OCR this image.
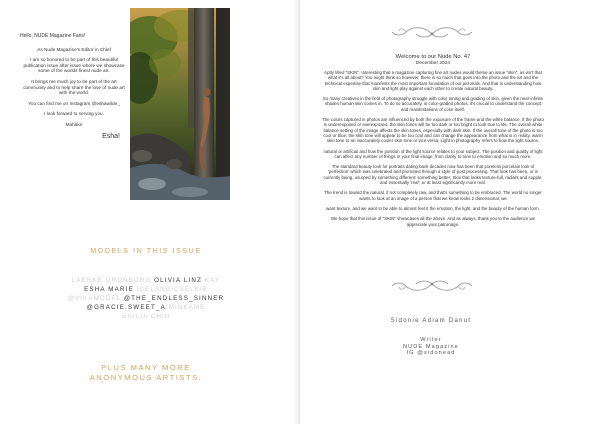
Hello, NUDE Magazine Fans!

As Nude Magazine's Editor in Chief

I am so honored to be part of this beautiful publication issue after issue where we showcase some of the worlds finest nude art.

It brings me much joy to be part of the art community and to help share the love of nude art with the world.

You can find me on Instagram @eshawilde_

I look forward to serving you.

Mahalo!

Esha!

MODELS IN THIS ISSUE
LAERKE GRONBORG OLIVIA LINZ KAY
ESHA MARIE ICELANDICSELKIE
@VIKAMODEL @THE_ENDLESS_SINNER
@GRACIE.SWEET_A MINKAME
GIULIA CHIU
PLUS MANY MORE
ANONYMOUS ARTISTS.
Welcome to our Nude No. 47
December 2024

Aptly titled "SKIN". Interesting that a magazine capturing fine art nudes would theme an issue "skin", as isn't that what it's all about? You might think so however, there is so much that goes into the photo and the art and the technical expertise that manifests the most important foundation of our pictorials. And that is understanding how skin and light play against each other to create natural beauty.

So many creatives in the field of photography struggle with color toning and grading of skin, given the near infinite shades human skin comes in. To do so accurately, in color-graded photos, it's crucial to understand the concept and manifestations of color itself.

The colors captured in photos are influenced by both the exposure of the frame and the white balance. If the photo is underexposed or overexposed, the skin tones will be too dark or too bright to look true to life. The overall white balance setting of the image affects the skin tones, especially with dark skin. If the overall tone of the photo is too cool or blue, the skin tone will appear to be too cool and can change the appearance from what is in reality. warm skin tone to an inaccurately cooler skin tone or vice versa. Light in photography refers to how the light source,

natural or artificial and how the position of the light source relates to your subject. The position and quality of light can affect any number of things in your final image, from clarity to tone to emotion and so much more.

The standard beauty look for portraits dating back decades now has been that poreless porcelain look of 'perfection' which was celebrated and promoted through a style of post processing. That look has been, or is currently being, usurped by something different: something better; Skin that looks texture-full, radiant and supple, and essentially 'real', or at least significantly more real.

The trend is toward the natural, if not completely raw, and that's something to be embraced. The world no longer wants to look at an image of a person that we know looks 2 dimensional, we

want texture, and we want to be able to almost feel it the emotion, the light, and the beauty of the human form.

We hope that this issue of "SKIN" showcases all the above. And as always, thank you to the audience we appreciate your patronage.

Sidonie Adiam Danut
Writer
NUDE Magazine
IG @sidonead
